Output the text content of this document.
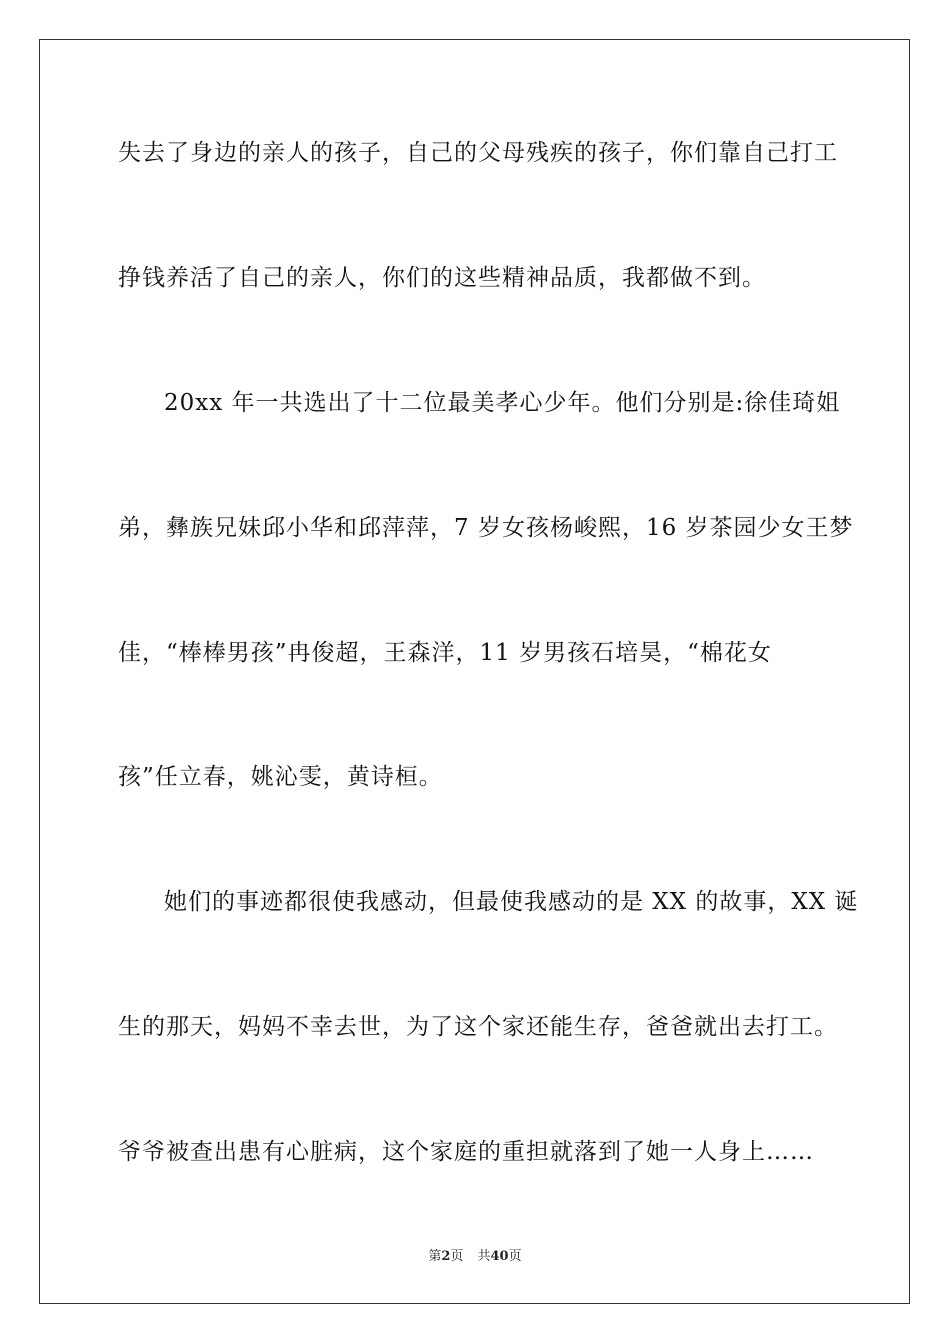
失去了身边的亲人的孩子，自己的父母残疾的孩子，你们靠自己打工
挣钱养活了自己的亲人，你们的这些精神品质，我都做不到。
20xx 年一共选出了十二位最美孝心少年。他们分别是:徐佳琦姐
弟，彝族兄妹邱小华和邱萍萍，7 岁女孩杨峻熙，16 岁茶园少女王梦
佳，“棒棒男孩”冉俊超，王森洋，11 岁男孩石培昊，“棉花女
孩”任立春，姚沁雯，黄诗桓。
她们的事迹都很使我感动，但最使我感动的是 XX 的故事，XX 诞
生的那天，妈妈不幸去世，为了这个家还能生存，爸爸就出去打工。
爷爷被查出患有心脏病，这个家庭的重担就落到了她一人身上……
第2页 共40页
